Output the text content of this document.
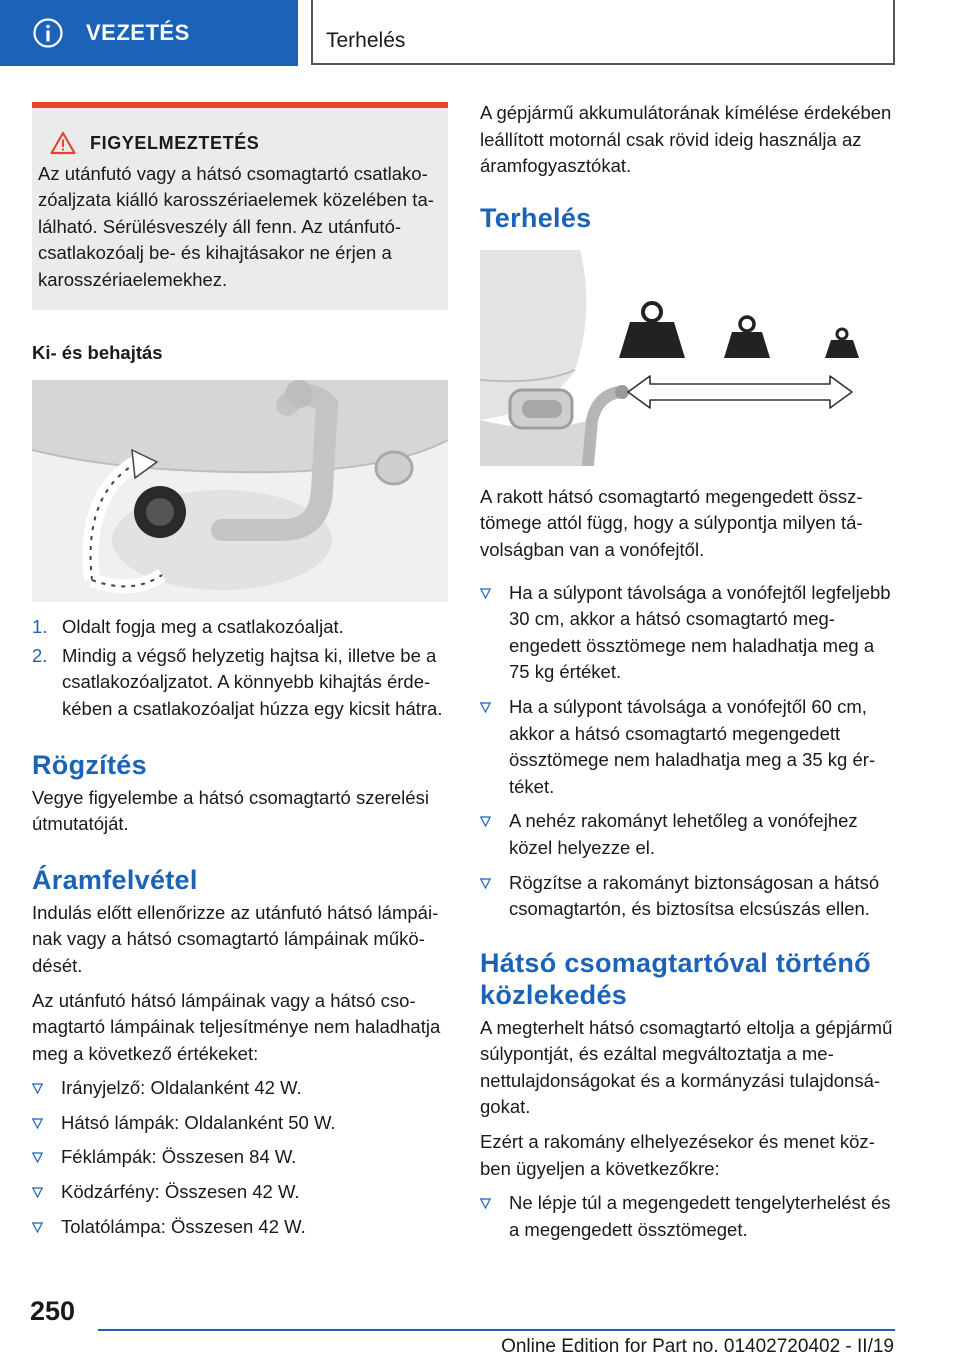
VEZETÉS	Terhelés
FIGYELMEZTETÉS

Az utánfutó vagy a hátsó csomagtartó csatlakozóaljzata kiálló karosszériaelemek közelében található. Sérülésveszély áll fenn. Az utánfutócsatlakozóalj be- és kihajtásakor ne érjen a karosszériaelemekhez.

Ki- és behajtás
1. Oldalt fogja meg a csatlakozóaljat.
2. Mindig a végső helyzetig hajtsa ki, illetve be a csatlakozóaljzatot. A könnyebb kihajtás érdekében a csatlakozóaljat húzza egy kicsit hátra.
Rögzítés

Vegye figyelembe a hátsó csomagtartó szerelési útmutatóját.

Áramfelvétel

Indulás előtt ellenőrizze az utánfutó hátsó lámpáinak vagy a hátsó csomagtartó lámpáinak működését.

Az utánfutó hátsó lámpáinak vagy a hátsó csomagtartó lámpáinak teljesítménye nem haladhatja meg a következő értékeket:

Irányjelző: Oldalanként 42 W.
Hátsó lámpák: Oldalanként 50 W.
Féklámpák: Összesen 84 W.
Ködzárfény: Összesen 42 W.
Tolatólámpa: Összesen 42 W.

A gépjármű akkumulátorának kímélése érdekében leállított motornál csak rövid ideig használja az áramfogyasztókat.

Terhelés

A rakott hátsó csomagtartó megengedett össztömege attól függ, hogy a súlypontja milyen távolságban van a vonófejtől.

Ha a súlypont távolsága a vonófejtől legfeljebb 30 cm, akkor a hátsó csomagtartó megengedett össztömege nem haladhatja meg a 75 kg értéket.
Ha a súlypont távolsága a vonófejtől 60 cm, akkor a hátsó csomagtartó megengedett össztömege nem haladhatja meg a 35 kg értéket.
A nehéz rakományt lehetőleg a vonófejhez közel helyezze el.
Rögzítse a rakományt biztonságosan a hátsó csomagtartón, és biztosítsa elcsúszás ellen.
Hátsó csomagtartóval történő közlekedés

A megterhelt hátsó csomagtartó eltolja a gépjármű súlypontját, és ezáltal megváltoztatja a menettulajdonságokat és a kormányzási tulajdonságokat.

Ezért a rakomány elhelyezésekor és menet közben ügyeljen a következőkre:

Ne lépje túl a megengedett tengelyterhelést és a megengedett össztömeget.
250
Online Edition for Part no. 01402720402 - II/19
